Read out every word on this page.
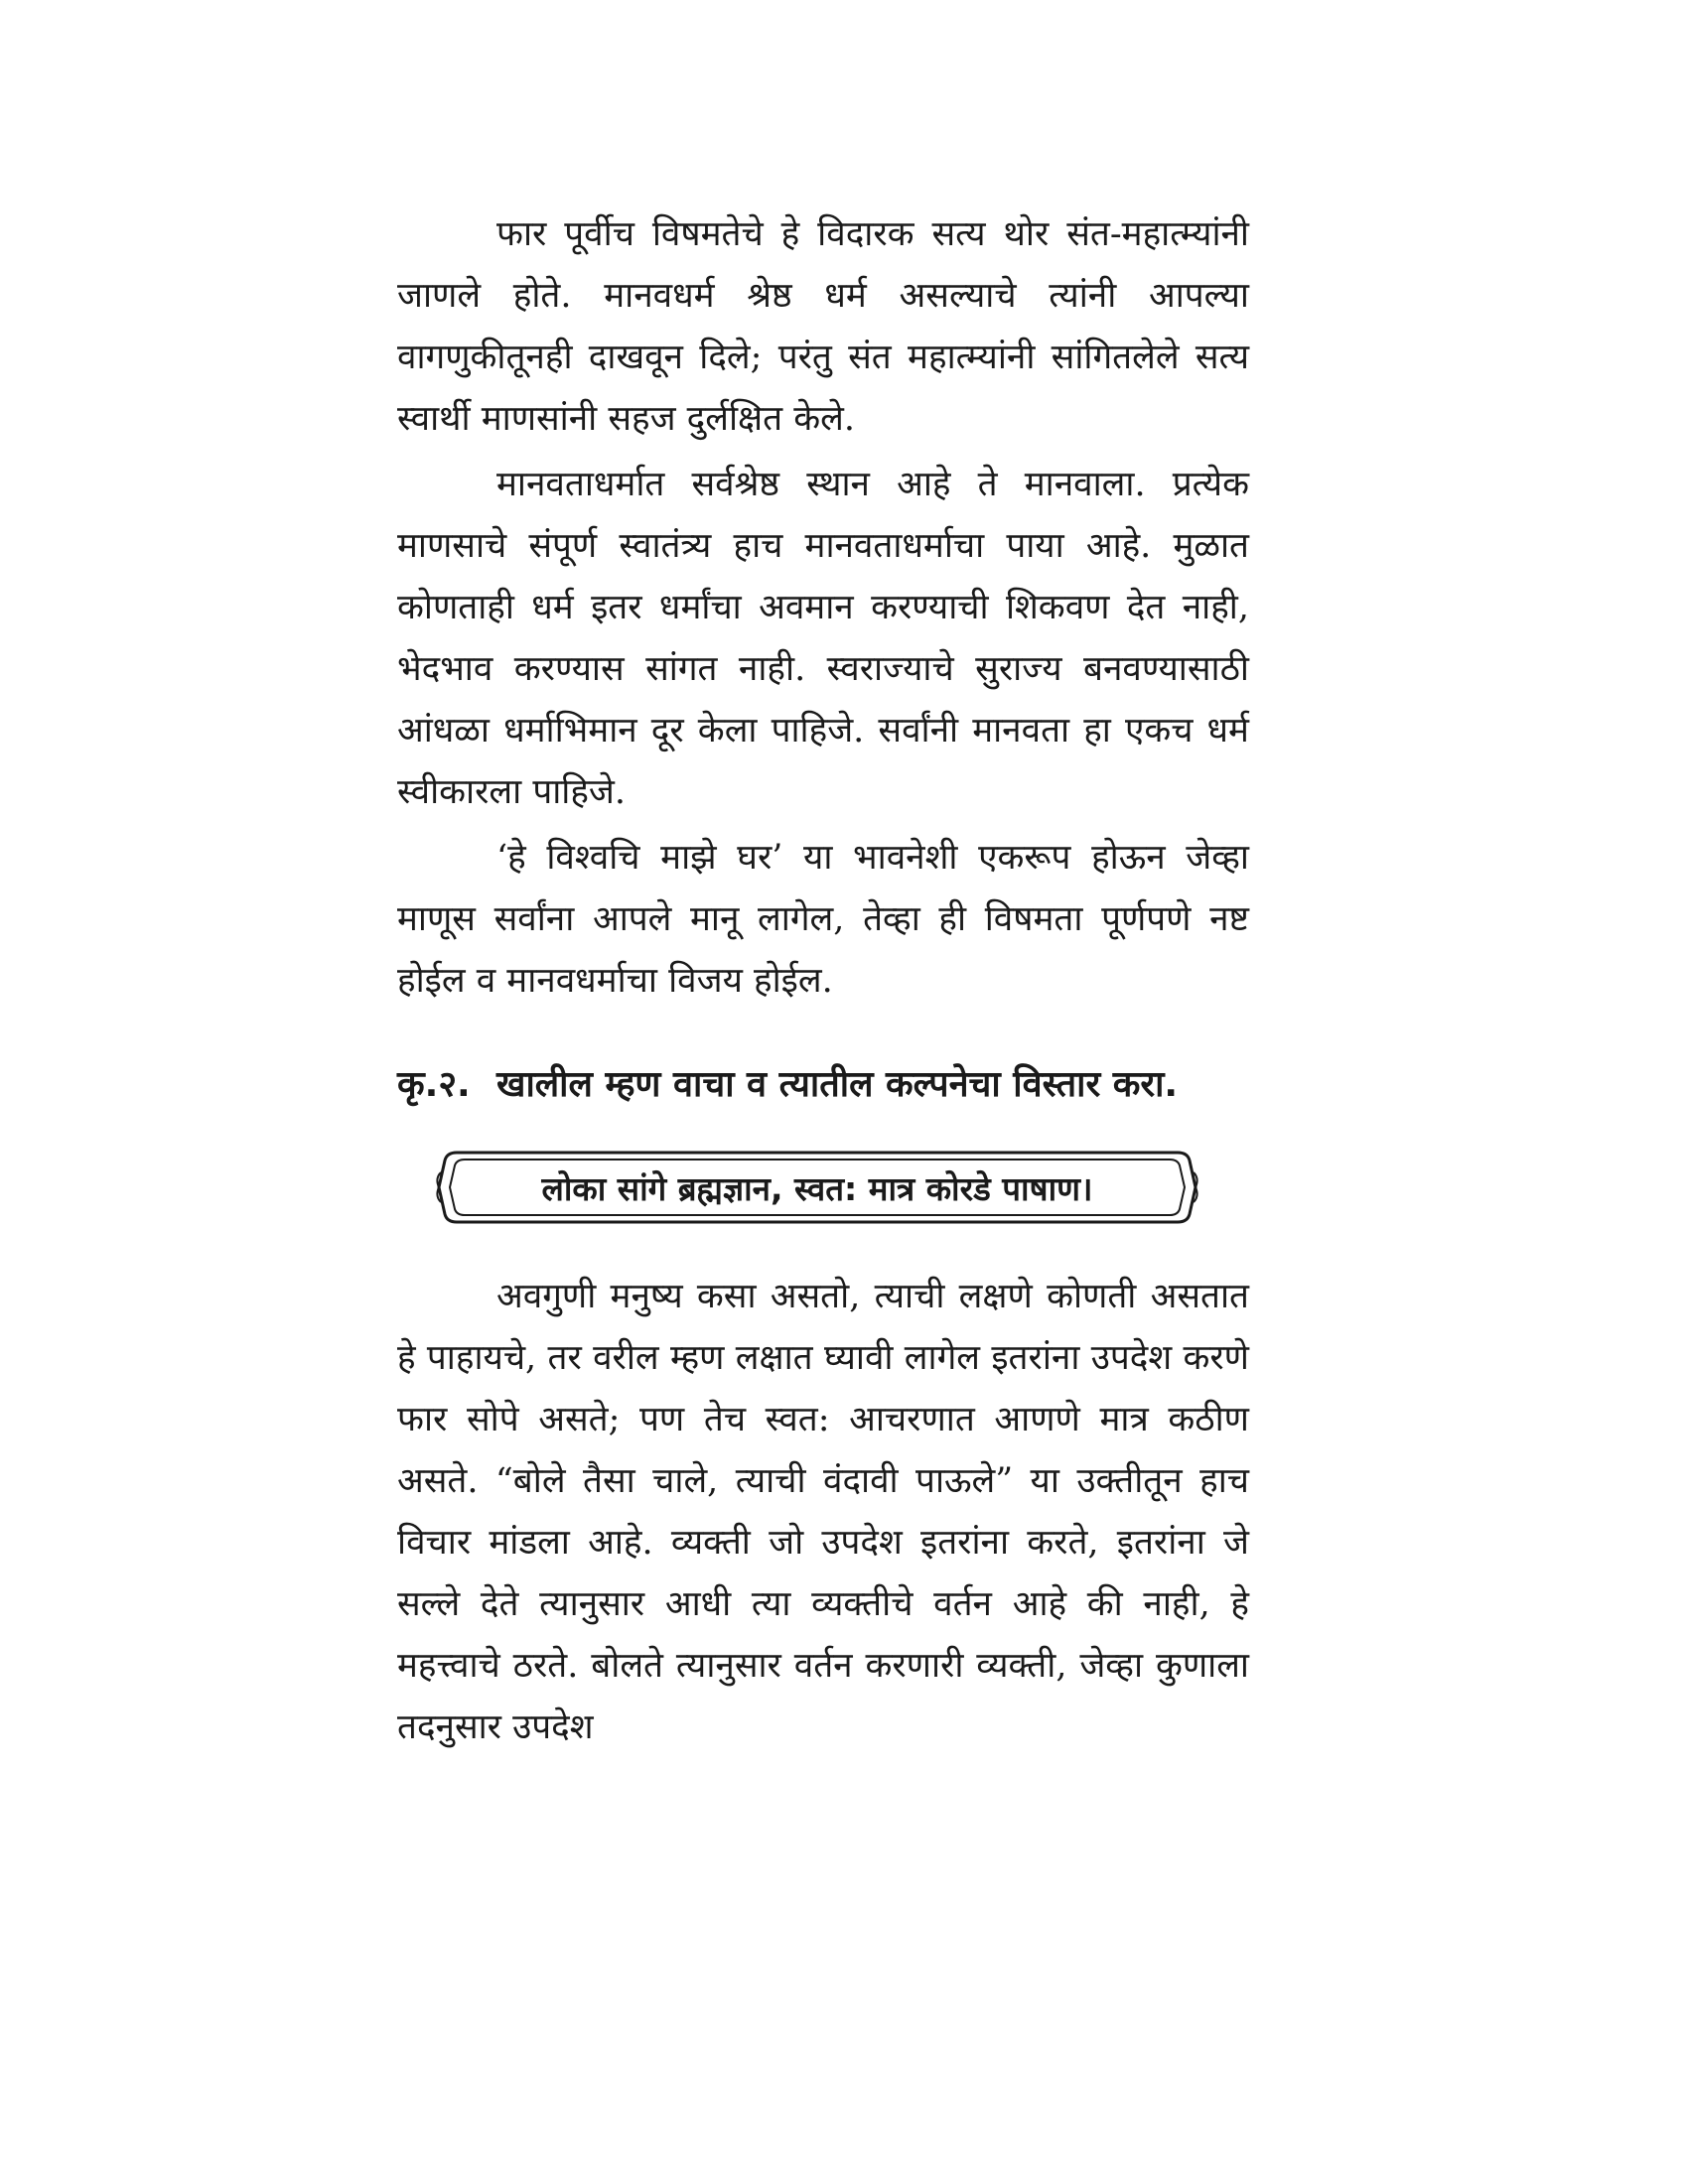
फार पूर्वीच विषमतेचे हे विदारक सत्य थोर संत-महात्म्यांनी जाणले होते. मानवधर्म श्रेष्ठ धर्म असल्याचे त्यांनी आपल्या वागणुकीतूनही दाखवून दिले; परंतु संत महात्म्यांनी सांगितलेले सत्य स्वार्थी माणसांनी सहज दुर्लक्षित केले.

मानवताधर्मात सर्वश्रेष्ठ स्थान आहे ते मानवाला. प्रत्येक माणसाचे संपूर्ण स्वातंत्र्य हाच मानवताधर्माचा पाया आहे. मुळात कोणताही धर्म इतर धर्मांचा अवमान करण्याची शिकवण देत नाही, भेदभाव करण्यास सांगत नाही. स्वराज्याचे सुराज्य बनवण्यासाठी आंधळा धर्माभिमान दूर केला पाहिजे. सर्वांनी मानवता हा एकच धर्म स्वीकारला पाहिजे.

‘हे विश्वचि माझे घर’ या भावनेशी एकरूप होऊन जेव्हा माणूस सर्वांना आपले मानू लागेल, तेव्हा ही विषमता पूर्णपणे नष्ट होईल व मानवधर्माचा विजय होईल.

कृ.२. खालील म्हण वाचा व त्यातील कल्पनेचा विस्तार करा.
लोका सांगे ब्रह्मज्ञान, स्वत: मात्र कोरडे पाषाण।

अवगुणी मनुष्य कसा असतो, त्याची लक्षणे कोणती असतात हे पाहायचे, तर वरील म्हण लक्षात घ्यावी लागेल इतरांना उपदेश करणे फार सोपे असते; पण तेच स्वत: आचरणात आणणे मात्र कठीण असते. “बोले तैसा चाले, त्याची वंदावी पाऊले” या उक्तीतून हाच विचार मांडला आहे. व्यक्ती जो उपदेश इतरांना करते, इतरांना जे सल्ले देते त्यानुसार आधी त्या व्यक्तीचे वर्तन आहे की नाही, हे महत्त्वाचे ठरते. बोलते त्यानुसार वर्तन करणारी व्यक्ती, जेव्हा कुणाला तदनुसार उपदेश
